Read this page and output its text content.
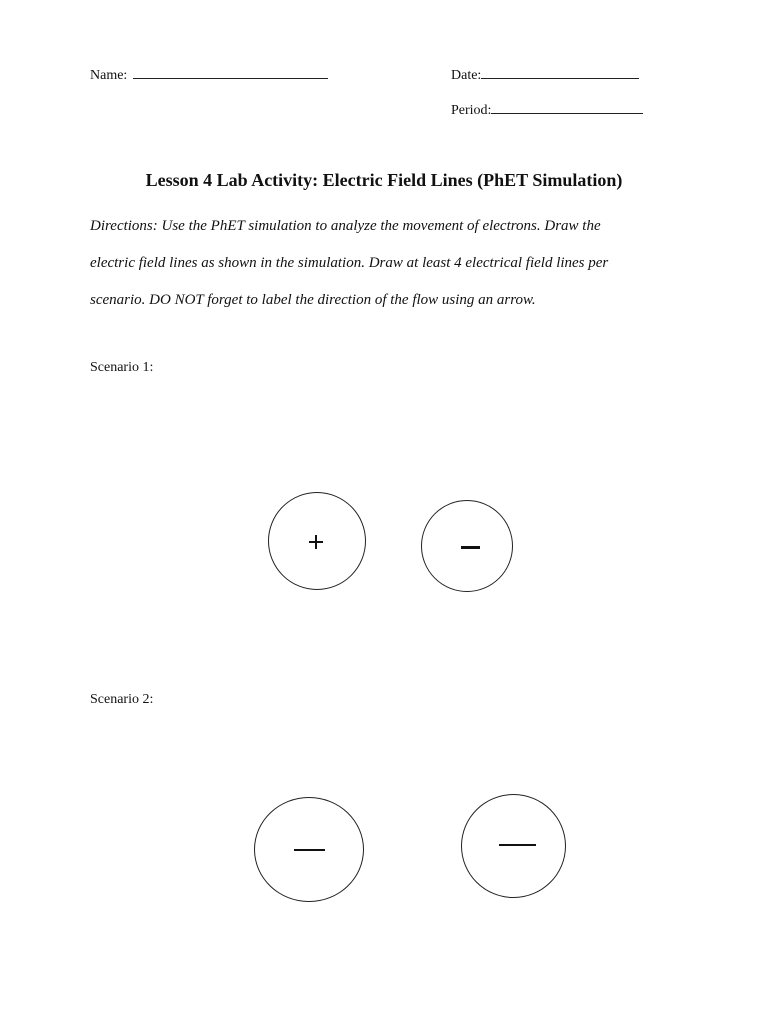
Name:	Date:
Period:
Lesson 4 Lab Activity: Electric Field Lines (PhET Simulation)

Directions: Use the PhET simulation to analyze the movement of electrons. Draw the

electric field lines as shown in the simulation. Draw at least 4 electrical field lines per

scenario. DO NOT forget to label the direction of the flow using an arrow.

Scenario 1:
Scenario 2:
